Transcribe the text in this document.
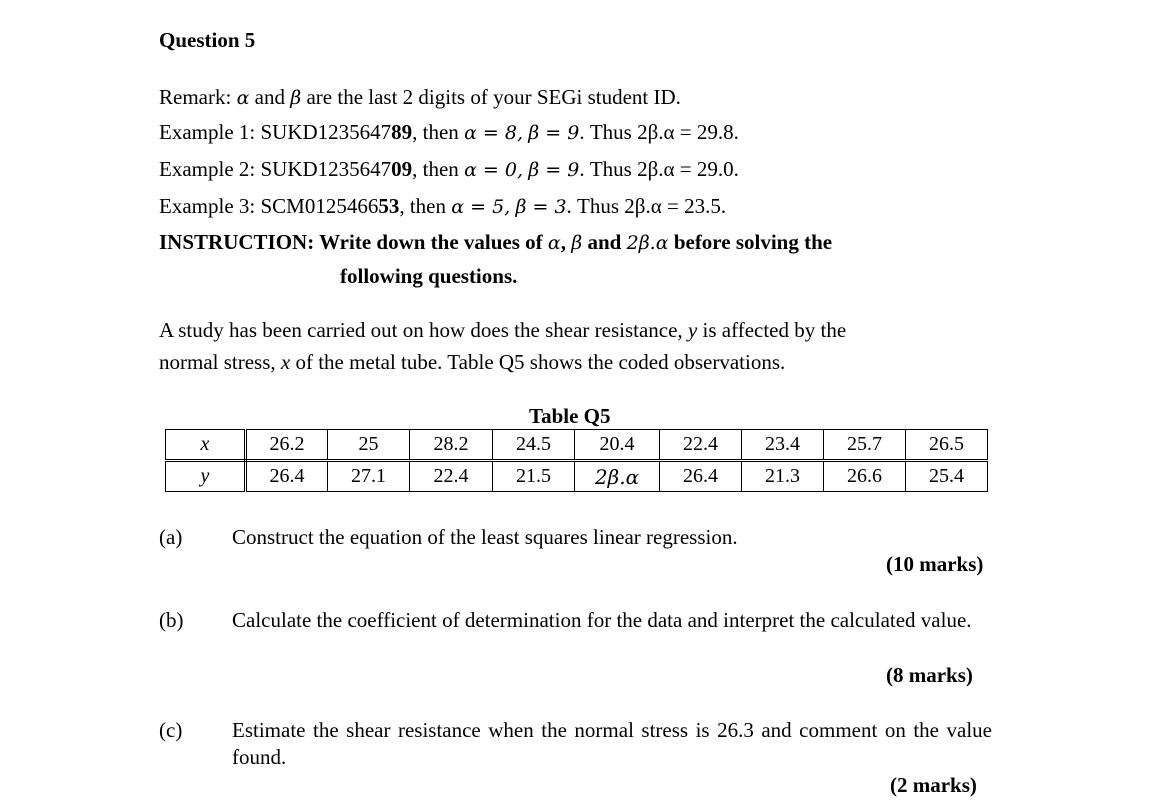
Question 5
Remark: α and β are the last 2 digits of your SEGi student ID.
Example 1: SUKD123564789, then α = 8, β = 9. Thus 2β.α = 29.8.
Example 2: SUKD123564709, then α = 0, β = 9. Thus 2β.α = 29.0.
Example 3: SCM012546653, then α = 5, β = 3. Thus 2β.α = 23.5.
INSTRUCTION: Write down the values of α, β and 2β.α before solving the
following questions.
A study has been carried out on how does the shear resistance, y is affected by the
normal stress, x of the metal tube. Table Q5 shows the coded observations.
Table Q5
x	26.2	25	28.2	24.5	20.4	22.4	23.4	25.7	26.5
y	26.4	27.1	22.4	21.5	2β.α	26.4	21.3	26.6	25.4
(a) Construct the equation of the least squares linear regression.
(10 marks)
(b) Calculate the coefficient of determination for the data and interpret the calculated value.
(8 marks)
(c) Estimate the shear resistance when the normal stress is 26.3 and comment on the value found.
(2 marks)
